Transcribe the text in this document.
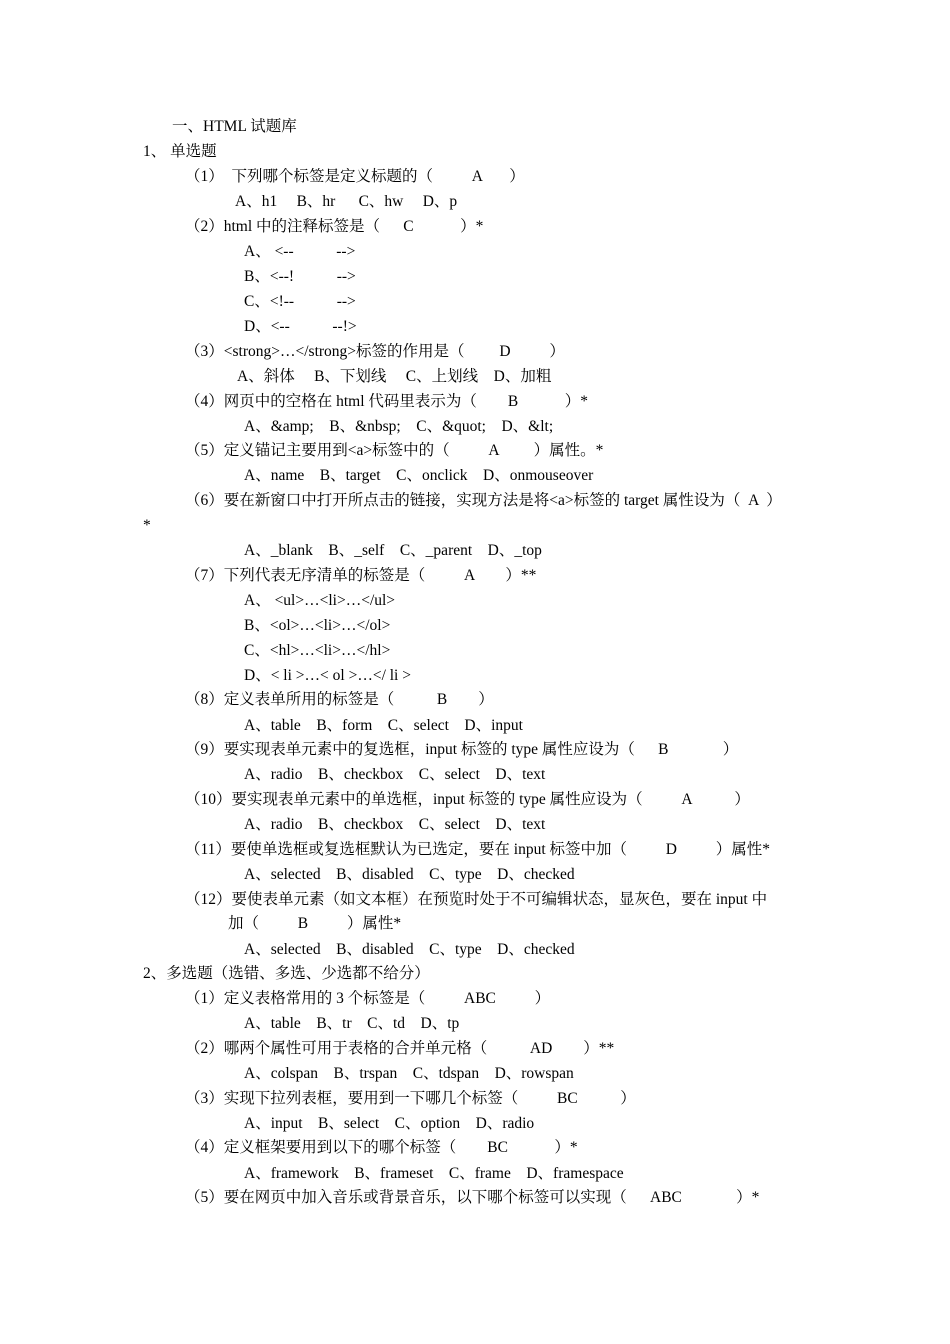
一、HTML 试题库
1、 单选题
（1）  下列哪个标签是定义标题的（          A       ）
A、h1     B、hr      C、hw     D、p
（2）html 中的注释标签是（      C            ）*
A、 <--           -->
B、<--!           -->
C、<!--           -->
D、<--           --!>
（3）<strong>…</strong>标签的作用是（         D          ）
A、斜体     B、下划线     C、上划线    D、加粗
（4）网页中的空格在 html 代码里表示为（        B            ）*
A、&amp;    B、&nbsp;    C、&quot;    D、&lt;
（5）定义锚记主要用到<a>标签中的（          A         ）属性。*
A、name    B、target    C、onclick    D、onmouseover
（6）要在新窗口中打开所点击的链接，实现方法是将<a>标签的 target 属性设为（  A  ）
*
A、_blank    B、_self    C、_parent    D、_top
（7）下列代表无序清单的标签是（          A        ）**
A、 <ul>…<li>…</ul>
B、<ol>…<li>…</ol>
C、<hl>…<li>…</hl>
D、< li >…< ol >…</ li >
（8）定义表单所用的标签是（           B        ）
A、table    B、form    C、select    D、input
（9）要实现表单元素中的复选框，input 标签的 type 属性应设为（      B              ）
A、radio    B、checkbox    C、select    D、text
（10）要实现表单元素中的单选框，input 标签的 type 属性应设为（          A           ）
A、radio    B、checkbox    C、select    D、text
（11）要使单选框或复选框默认为已选定，要在 input 标签中加（          D          ）属性*
A、selected    B、disabled    C、type    D、checked
（12）要使表单元素（如文本框）在预览时处于不可编辑状态，显灰色，要在 input 中
加（          B          ）属性*
A、selected    B、disabled    C、type    D、checked
2、多选题（选错、多选、少选都不给分）
（1）定义表格常用的 3 个标签是（          ABC          ）
A、table    B、tr    C、td    D、tp
（2）哪两个属性可用于表格的合并单元格（           AD        ）**
A、colspan    B、trspan    C、tdspan    D、rowspan
（3）实现下拉列表框，要用到一下哪几个标签（          BC           ）
A、input    B、select    C、option    D、radio
（4）定义框架要用到以下的哪个标签（        BC            ）*
A、framework    B、frameset    C、frame    D、framespace
（5）要在网页中加入音乐或背景音乐，以下哪个标签可以实现（      ABC              ）*
